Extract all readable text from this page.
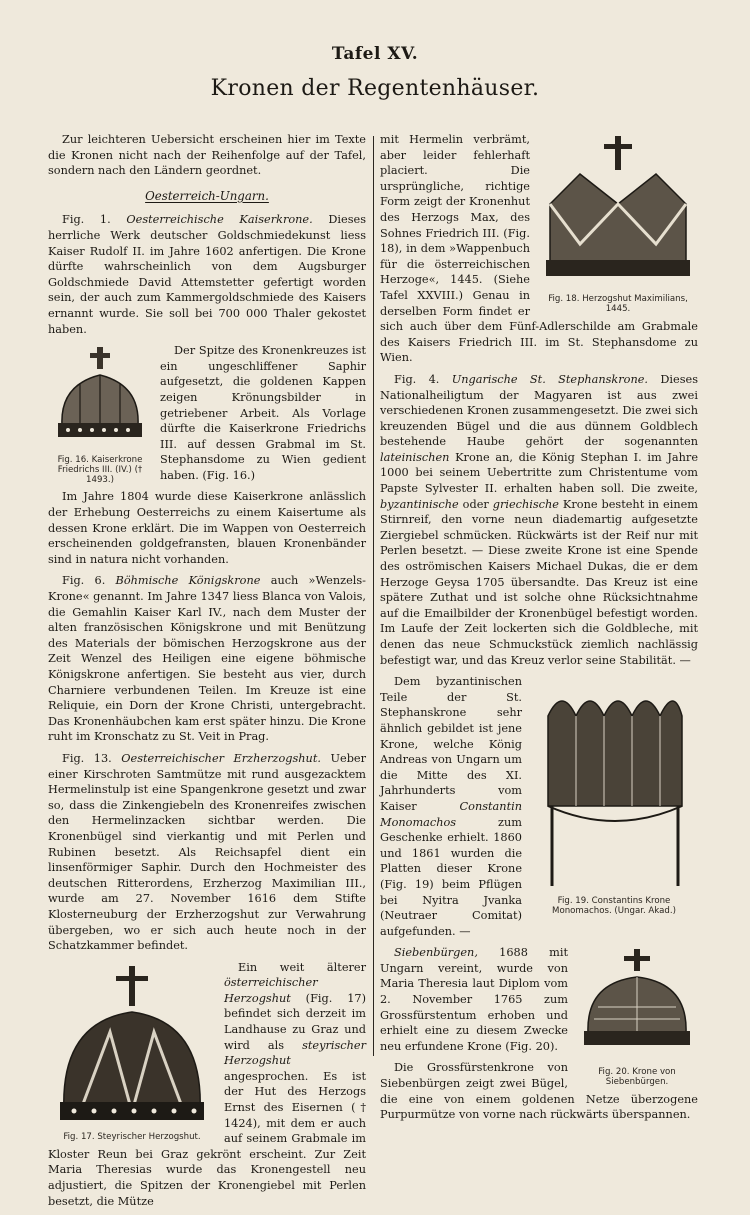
Tafel XV.
Kronen der Regentenhäuser.

Zur leichteren Uebersicht erscheinen hier im Texte die Kronen nicht nach der Reihenfolge auf der Tafel, sondern nach den Ländern geordnet.

Oesterreich-Ungarn.

Fig. 1. Oesterreichische Kaiserkrone. Dieses herrliche Werk deutscher Goldschmiedekunst liess Kaiser Rudolf II. im Jahre 1602 anfertigen. Die Krone dürfte wahrscheinlich von dem Augsburger Goldschmiede David Attemstetter gefertigt worden sein, der auch zum Kammergoldschmiede des Kaisers ernannt wurde. Sie soll bei 700 000 Thaler gekostet haben.

Fig. 16. Kaiserkrone Friedrichs III. (IV.) († 1493.)

Der Spitze des Kronenkreuzes ist ein ungeschliffener Saphir aufgesetzt, die goldenen Kappen zeigen Krönungsbilder in getriebener Arbeit. Als Vorlage dürfte die Kaiserkrone Friedrichs III. auf dessen Grabmal im St. Stephansdome zu Wien gedient haben. (Fig. 16.)

Im Jahre 1804 wurde diese Kaiserkrone anlässlich der Erhebung Oesterreichs zu einem Kaisertume als dessen Krone erklärt. Die im Wappen von Oesterreich erscheinenden goldgefransten, blauen Kronenbänder sind in natura nicht vorhanden.

Fig. 6. Böhmische Königskrone auch »Wenzels-Krone« genannt. Im Jahre 1347 liess Blanca von Valois, die Gemahlin Kaiser Karl IV., nach dem Muster der alten französischen Königskrone und mit Benützung des Materials der bömischen Herzogskrone aus der Zeit Wenzel des Heiligen eine eigene böhmische Königskrone anfertigen. Sie besteht aus vier, durch Charniere verbundenen Teilen. Im Kreuze ist eine Reliquie, ein Dorn der Krone Christi, untergebracht. Das Kronenhäubchen kam erst später hinzu. Die Krone ruht im Kronschatz zu St. Veit in Prag.

Fig. 13. Oesterreichischer Erzherzogshut. Ueber einer Kirschroten Samtmütze mit rund ausgezacktem Hermelinstulp ist eine Spangenkrone gesetzt und zwar so, dass die Zinkengiebeln des Kronenreifes zwischen den Hermelinzacken sichtbar werden. Die Kronenbügel sind vierkantig und mit Perlen und Rubinen besetzt. Als Reichsapfel dient ein linsenförmiger Saphir. Durch den Hochmeister des deutschen Ritterordens, Erzherzog Maximilian III., wurde am 27. November 1616 dem Stifte Klosterneuburg der Erzherzogshut zur Verwahrung übergeben, wo er sich auch heute noch in der Schatzkammer befindet.

Fig. 17. Steyrischer Herzogshut.

Ein weit älterer österreichischer Herzogshut (Fig. 17) befindet sich derzeit im Landhause zu Graz und wird als steyrischer Herzogshut angesprochen. Es ist der Hut des Herzogs Ernst des Eisernen († 1424), mit dem er auch auf seinem Grabmale im Kloster Reun bei Graz gekrönt erscheint. Zur Zeit Maria Theresias wurde das Kronengestell neu adjustiert, die Spitzen der Kronengiebel mit Perlen besetzt, die Mütze

Fig. 18. Herzogshut Maximilians, 1445.

mit Hermelin verbrämt, aber leider fehlerhaft placiert. Die ursprüngliche, richtige Form zeigt der Kronenhut des Herzogs Max, des Sohnes Friedrich III. (Fig. 18), in dem »Wappenbuch für die österreichischen Herzoge«, 1445. (Siehe Tafel XXVIII.) Genau in derselben Form findet er sich auch über dem Fünf-Adlerschilde am Grabmale des Kaisers Friedrich III. im St. Stephansdome zu Wien.

Fig. 4. Ungarische St. Stephanskrone. Dieses Nationalheiligtum der Magyaren ist aus zwei verschiedenen Kronen zusammengesetzt. Die zwei sich kreuzenden Bügel und die aus dünnem Goldblech bestehende Haube gehört der sogenannten lateinischen Krone an, die König Stephan I. im Jahre 1000 bei seinem Uebertritte zum Christentume vom Papste Sylvester II. erhalten haben soll. Die zweite, byzantinische oder griechische Krone besteht in einem Stirnreif, den vorne neun diademartig aufgesetzte Ziergiebel schmücken. Rückwärts ist der Reif nur mit Perlen besetzt. — Diese zweite Krone ist eine Spende des oströmischen Kaisers Michael Dukas, die er dem Herzoge Geysa 1705 übersandte. Das Kreuz ist eine spätere Zuthat und ist solche ohne Rücksichtnahme auf die Emailbilder der Kronenbügel befestigt worden. Im Laufe der Zeit lockerten sich die Goldbleche, mit denen das neue Schmuckstück ziemlich nachlässig befestigt war, und das Kreuz verlor seine Stabilität. —

Fig. 19. Constantins Krone Monomachos. (Ungar. Akad.)

Dem byzantinischen Teile der St. Stephanskrone sehr ähnlich gebildet ist jene Krone, welche König Andreas von Ungarn um die Mitte des XI. Jahrhunderts vom Kaiser	Constantin Monomachos	zum Geschenke erhielt. 1860 und 1861 wurden die Platten dieser Krone (Fig. 19) beim Pflügen bei Nyitra Jvanka (Neutraer Comitat) aufgefunden. —

Fig. 20. Krone von Siebenbürgen.

Siebenbürgen, 1688 mit Ungarn vereint, wurde von Maria Theresia laut Diplom vom 2. November 1765 zum Grossfürstentum erhoben und erhielt eine zu diesem Zwecke neu erfundene Krone (Fig. 20).

Die Grossfürstenkrone von Siebenbürgen zeigt zwei Bügel, die eine von einem goldenen Netze überzogene Purpurmütze von vorne nach rückwärts überspannen.
